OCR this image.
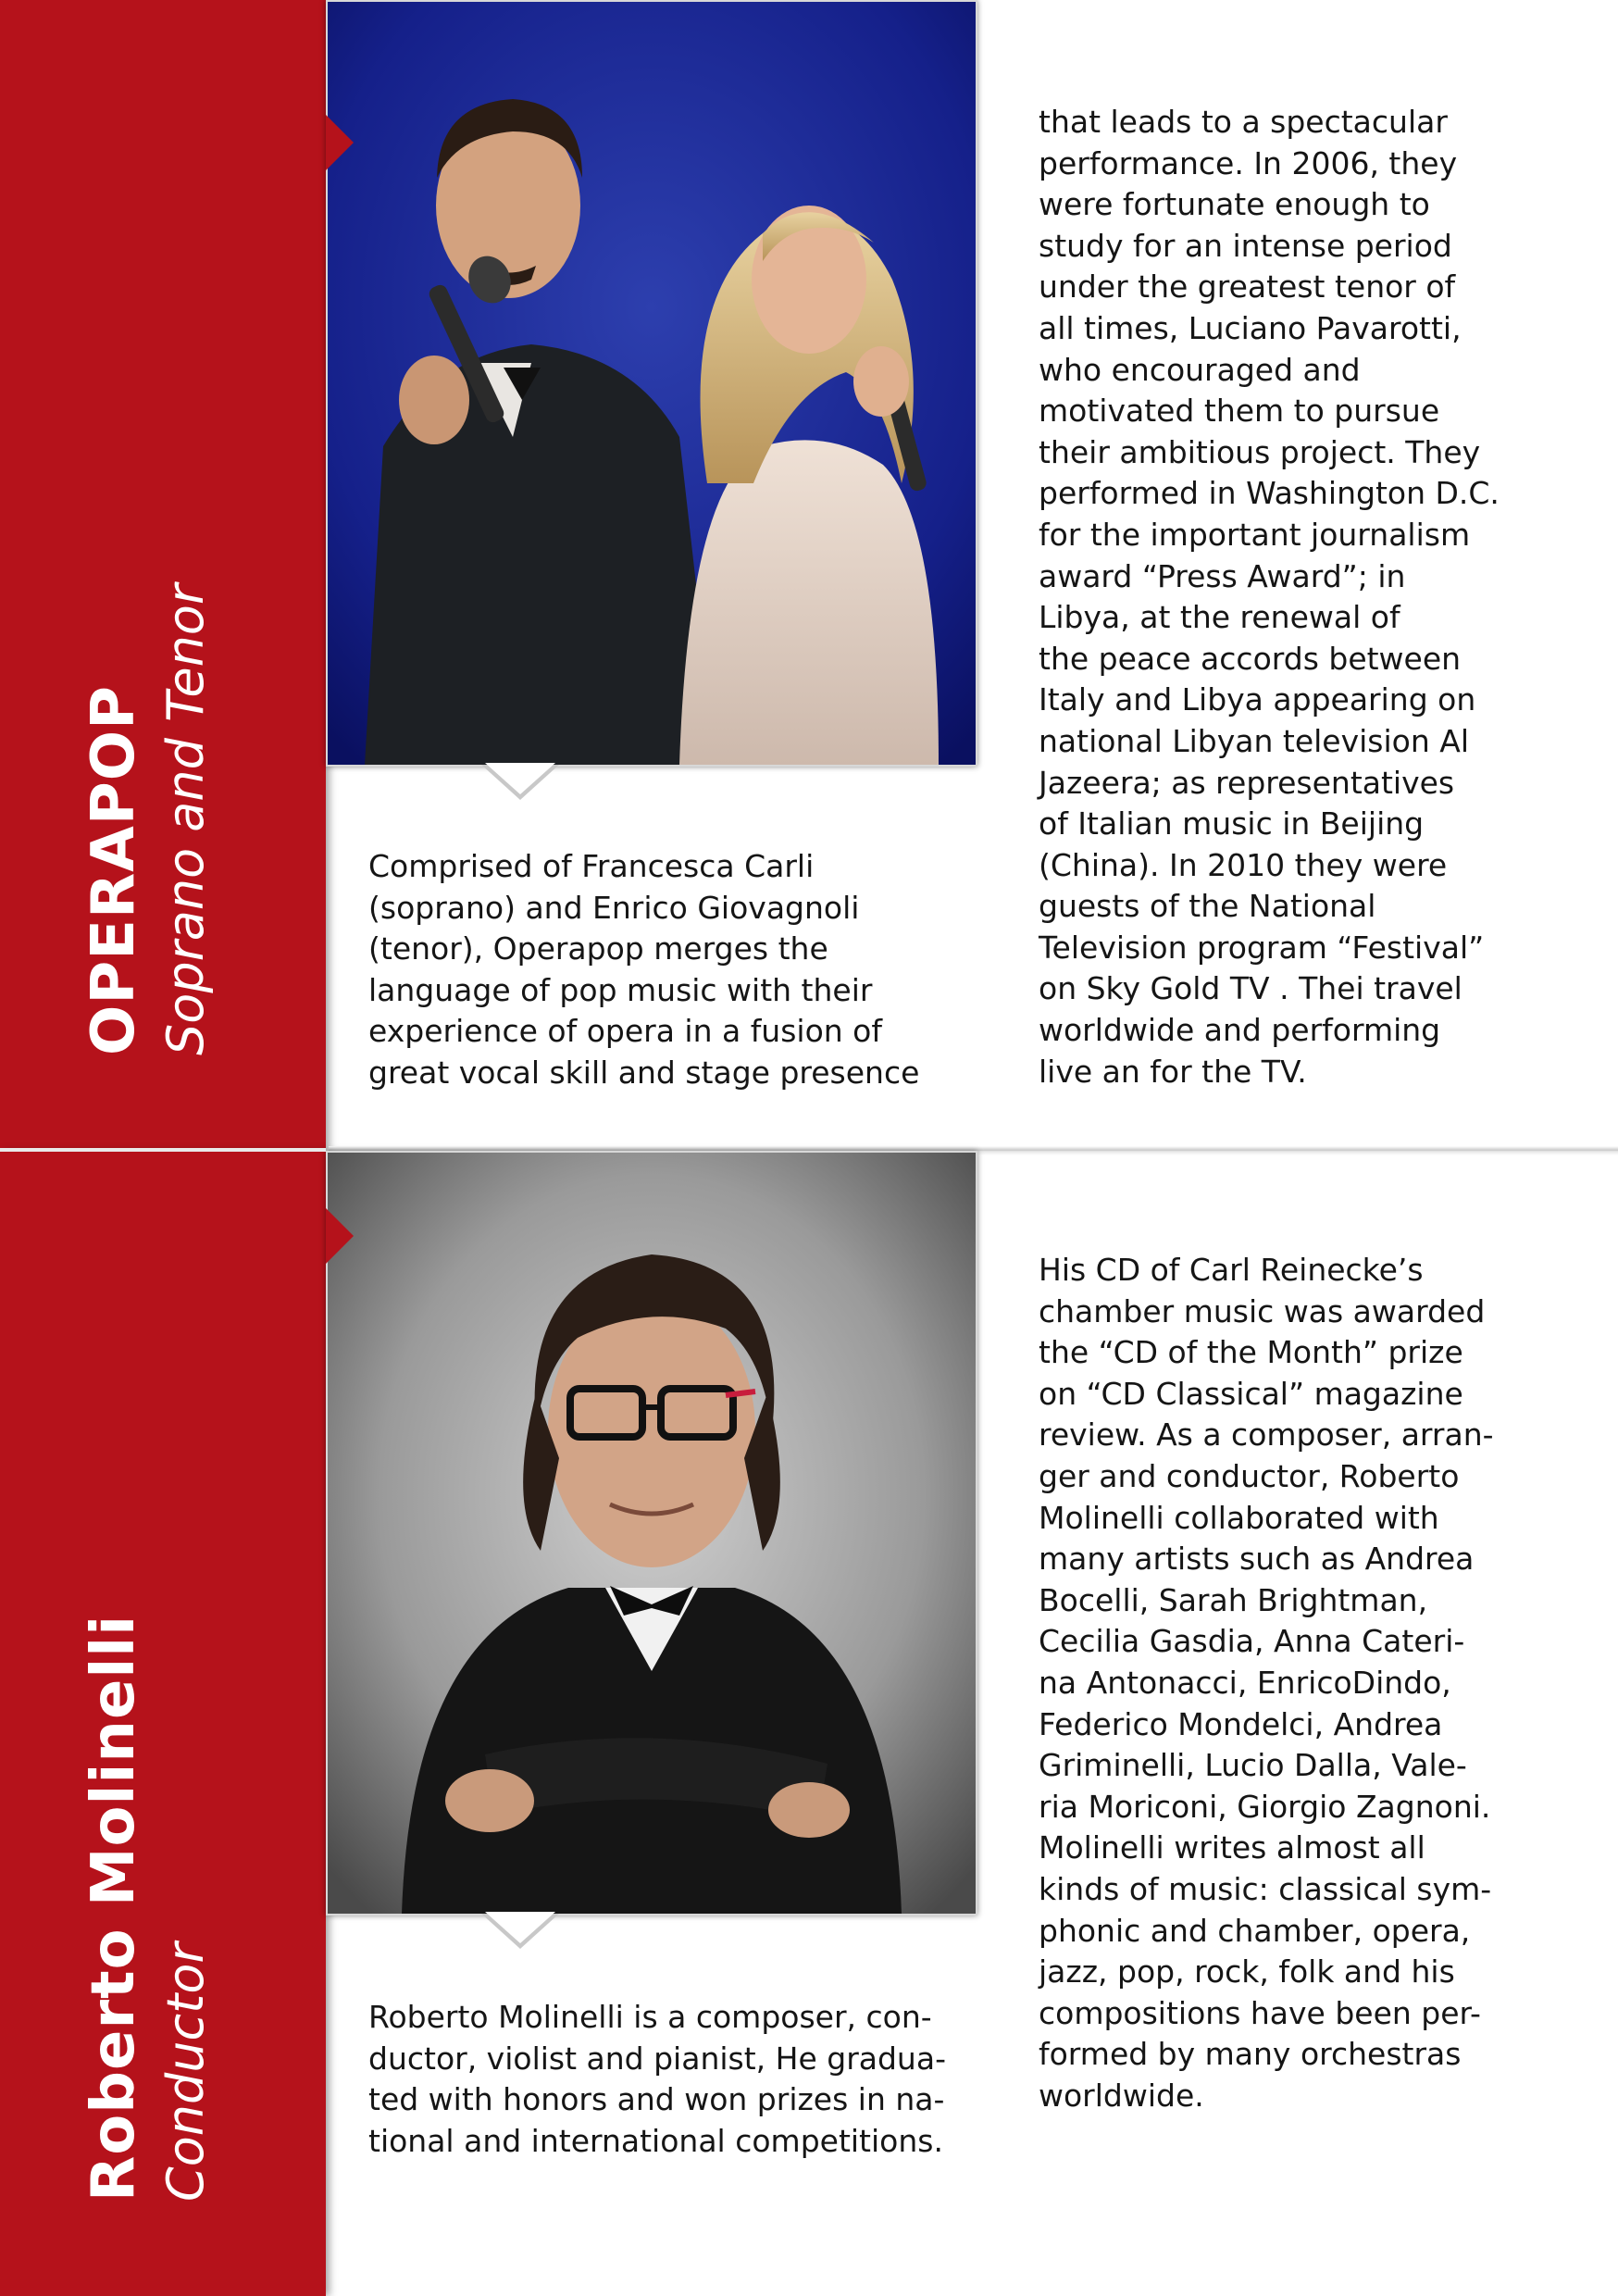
OPERAPOP Soprano and Tenor	Comprised of Francesca Carli
(soprano) and Enrico Giovagnoli
(tenor), Operapop merges the
language of pop music with their
experience of opera in a fusion of
great vocal skill and stage presence
that leads to a spectacular
performance. In 2006, they
were fortunate enough to
study for an intense period
under the greatest tenor of
all times, Luciano Pavarotti,
who encouraged and
motivated them to pursue
their ambitious project. They
performed in Washington D.C.
for the important journalism
award “Press Award”; in
Libya, at the renewal of
the peace accords between
Italy and Libya appearing on
national Libyan television Al
Jazeera; as representatives
of Italian music in Beijing
(China). In 2010 they were
guests of the National
Television program “Festival”
on Sky Gold TV . Thei travel
worldwide and performing
live an for the TV.
Roberto Molinelli Conductor	Roberto Molinelli is a composer, con-
ductor, violist and pianist, He gradua-
ted with honors and won prizes in na-
tional and international competitions.
His CD of Carl Reinecke’s
chamber music was awarded
the “CD of the Month” prize
on “CD Classical” magazine
review. As a composer, arran-
ger and conductor, Roberto
Molinelli collaborated with
many artists such as Andrea
Bocelli, Sarah Brightman,
Cecilia Gasdia, Anna Cateri-
na Antonacci, EnricoDindo,
Federico Mondelci, Andrea
Griminelli, Lucio Dalla, Vale-
ria Moriconi, Giorgio Zagnoni.
Molinelli writes almost all
kinds of music: classical sym-
phonic and chamber, opera,
jazz, pop, rock, folk and his
compositions have been per-
formed by many orchestras
worldwide.
